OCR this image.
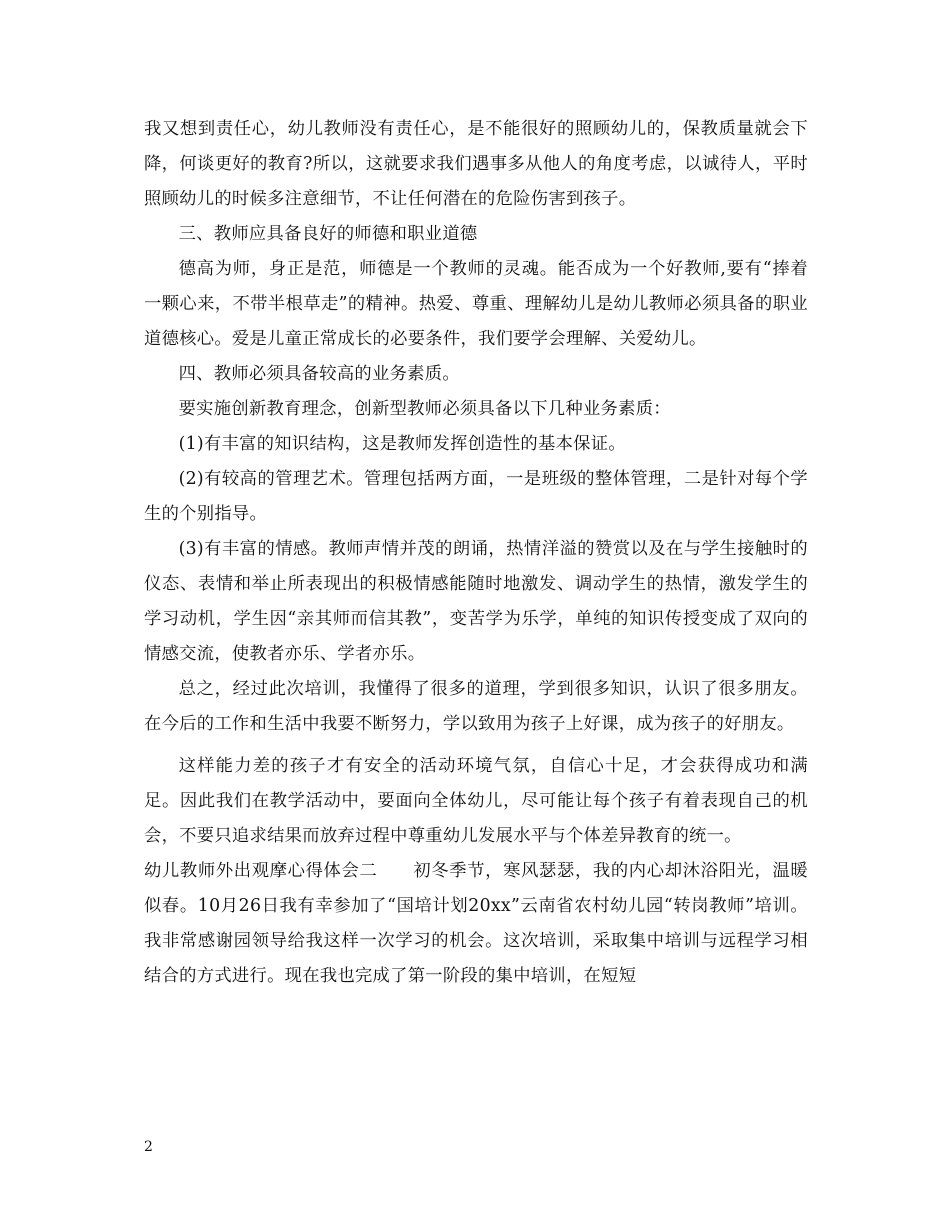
我又想到责任心，幼儿教师没有责任心，是不能很好的照顾幼儿的，保教质量就会下降，何谈更好的教育?所以，这就要求我们遇事多从他人的角度考虑，以诚待人，平时照顾幼儿的时候多注意细节，不让任何潜在的危险伤害到孩子。

三、教师应具备良好的师德和职业道德

德高为师，身正是范，师德是一个教师的灵魂。能否成为一个好教师,要有“捧着一颗心来，不带半根草走”的精神。热爱、尊重、理解幼儿是幼儿教师必须具备的职业道德核心。爱是儿童正常成长的必要条件，我们要学会理解、关爱幼儿。

四、教师必须具备较高的业务素质。

要实施创新教育理念，创新型教师必须具备以下几种业务素质：

(1)有丰富的知识结构，这是教师发挥创造性的基本保证。

(2)有较高的管理艺术。管理包括两方面，一是班级的整体管理，二是针对每个学生的个别指导。

(3)有丰富的情感。教师声情并茂的朗诵，热情洋溢的赞赏以及在与学生接触时的仪态、表情和举止所表现出的积极情感能随时地激发、调动学生的热情，激发学生的学习动机，学生因“亲其师而信其教”，变苦学为乐学，单纯的知识传授变成了双向的情感交流，使教者亦乐、学者亦乐。

总之，经过此次培训，我懂得了很多的道理，学到很多知识，认识了很多朋友。在今后的工作和生活中我要不断努力，学以致用为孩子上好课，成为孩子的好朋友。

这样能力差的孩子才有安全的活动环境气氛，自信心十足，才会获得成功和满足。因此我们在教学活动中，要面向全体幼儿，尽可能让每个孩子有着表现自己的机会，不要只追求结果而放弃过程中尊重幼儿发展水平与个体差异教育的统一。

幼儿教师外出观摩心得体会二　　初冬季节，寒风瑟瑟，我的内心却沐浴阳光，温暖似春。10月26日我有幸参加了“国培计划20xx”云南省农村幼儿园“转岗教师”培训。我非常感谢园领导给我这样一次学习的机会。这次培训，采取集中培训与远程学习相结合的方式进行。现在我也完成了第一阶段的集中培训，在短短

2
